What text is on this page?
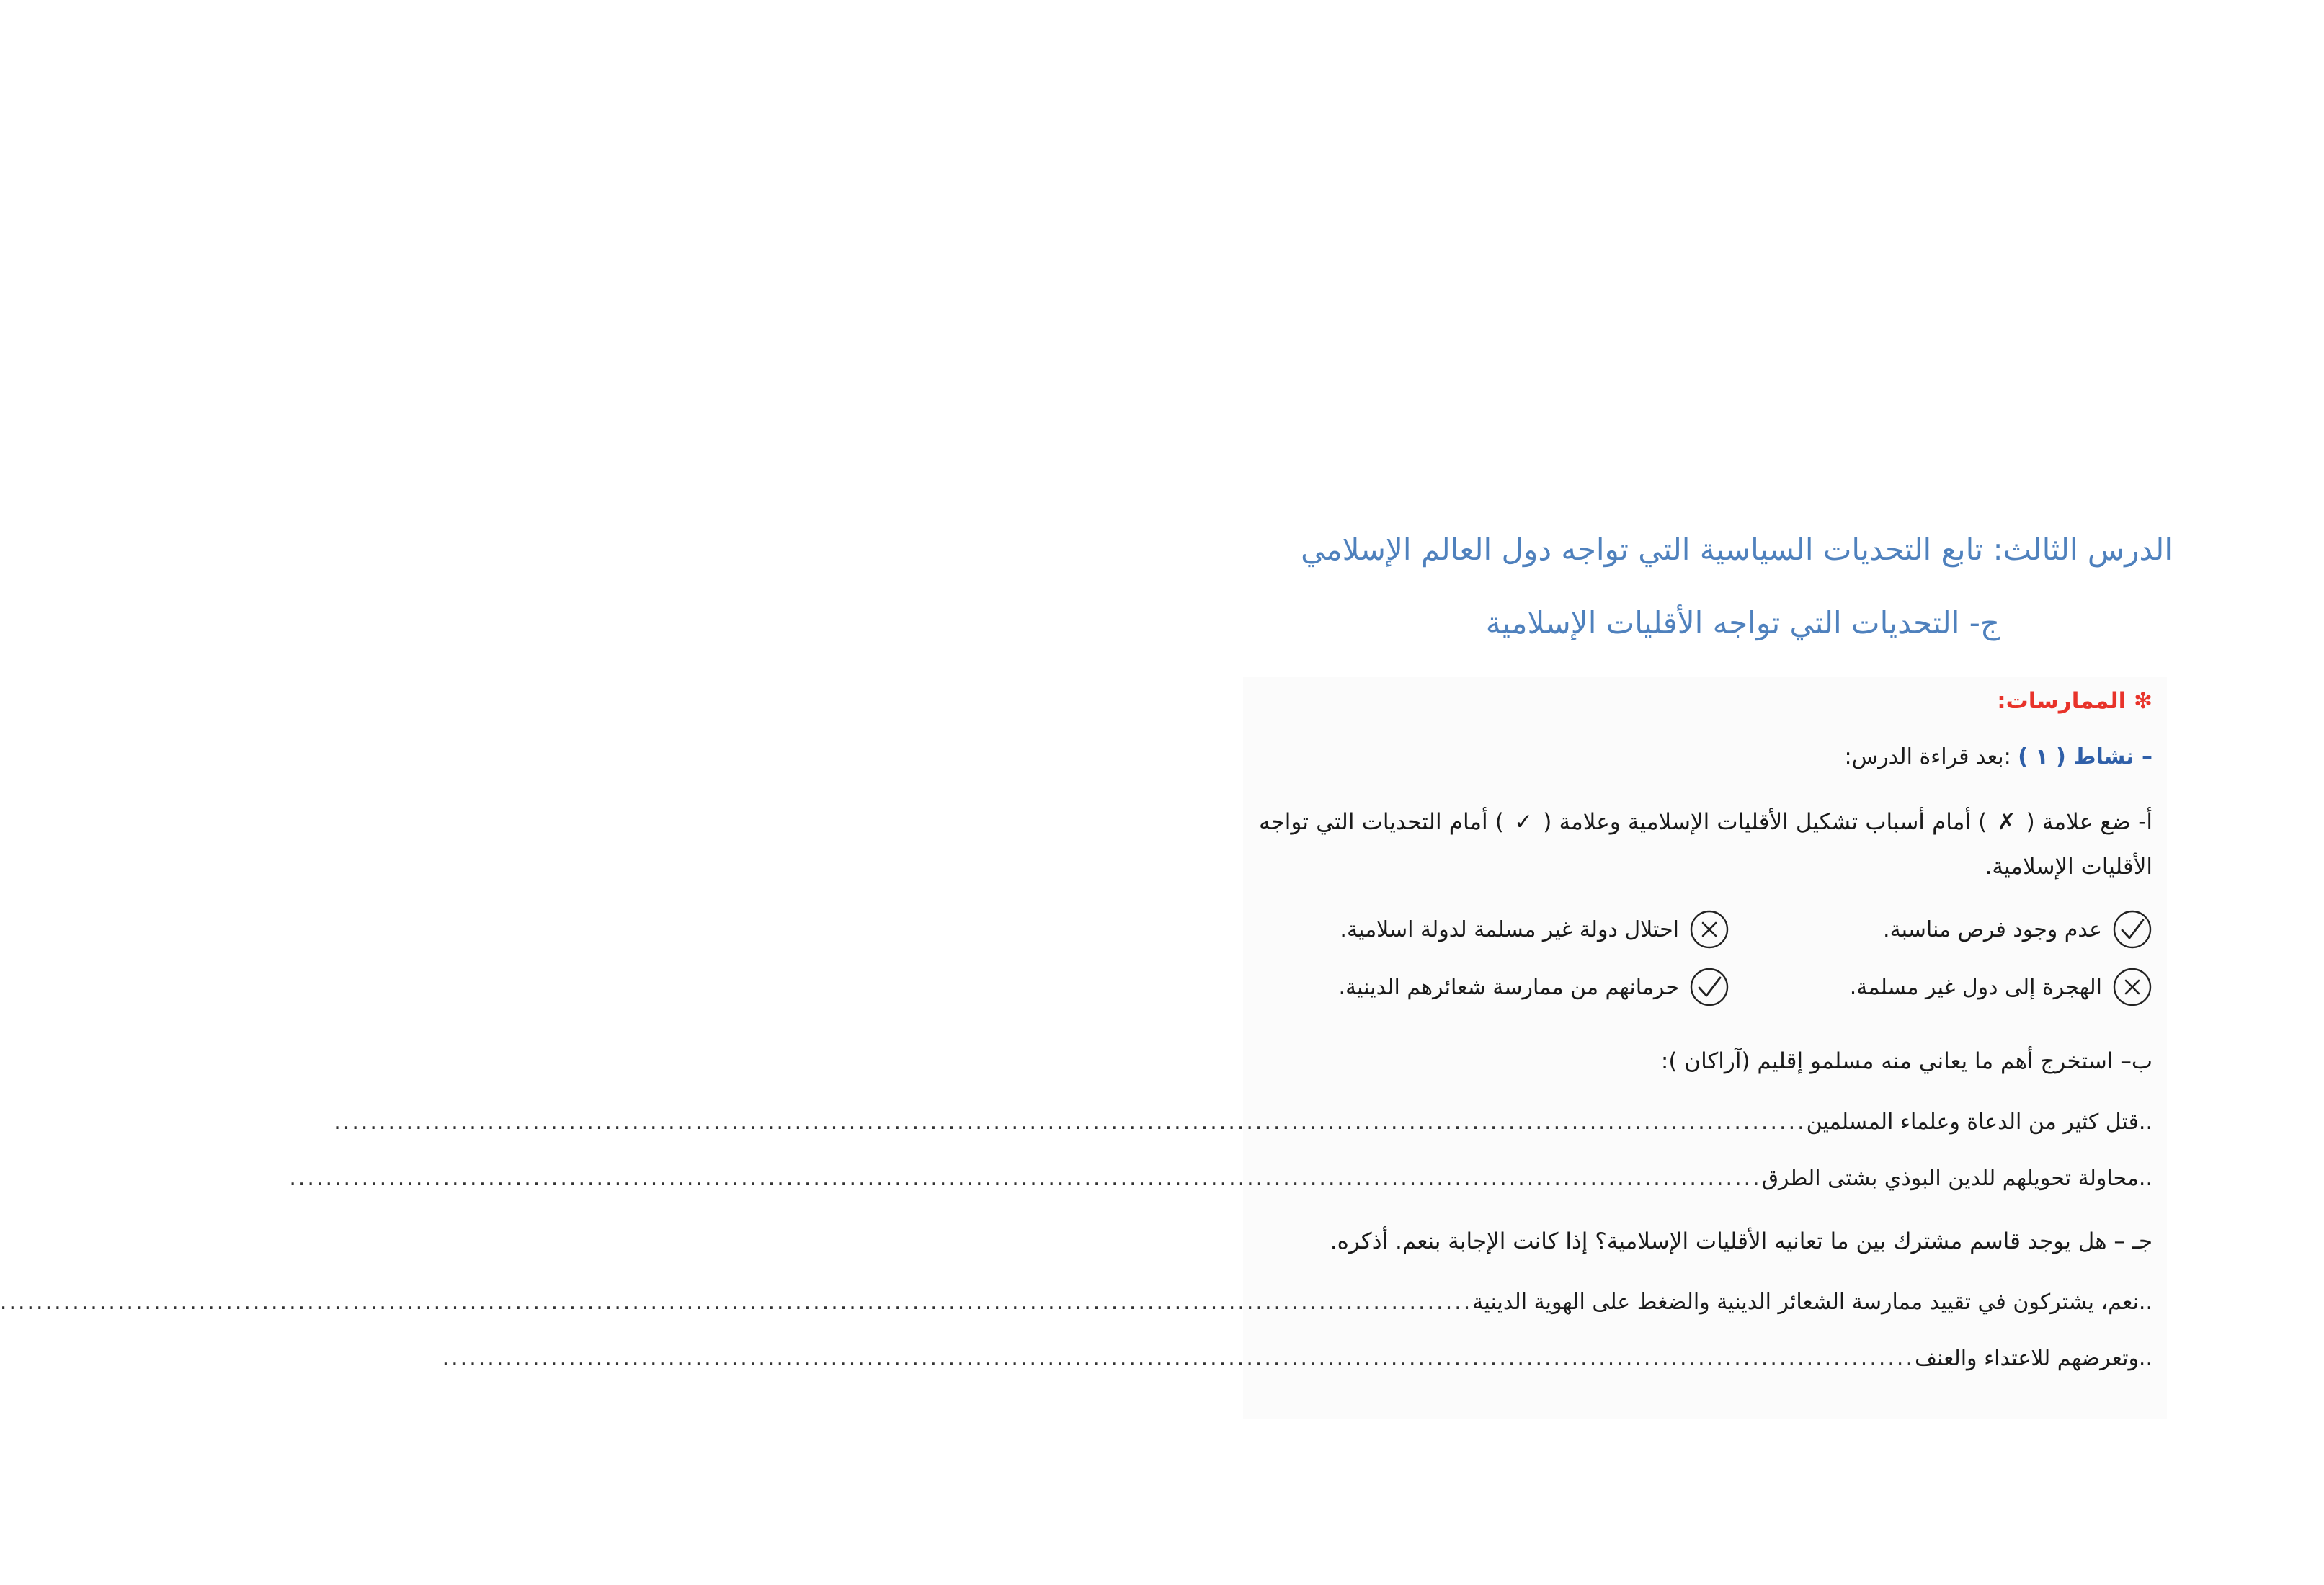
الدرس الثالث: تابع التحديات السياسية التي تواجه دول العالم الإسلامي
ج- التحديات التي تواجه الأقليات الإسلامية
❇ الممارسات:
– نشاط ( ١ ) :بعد قراءة الدرس:
أ- ضع علامة ( ✗ ) أمام أسباب تشكيل الأقليات الإسلامية وعلامة ( ✓ ) أمام التحديات التي تواجه الأقليات الإسلامية.
عدم وجود فرص مناسبة.
احتلال دولة غير مسلمة لدولة اسلامية.
الهجرة إلى دول غير مسلمة.
حرمانهم من ممارسة شعائرهم الدينية.
ب– استخرج أهم ما يعاني منه مسلمو إقليم (آراكان ):
..قتل كثير من الدعاة وعلماء المسلمين
...................................................................................................................................................................
..محاولة تحويلهم للدين البوذي بشتى الطرق
...................................................................................................................................................................
جـ – هل يوجد قاسم مشترك بين ما تعانيه الأقليات الإسلامية؟ إذا كانت الإجابة بنعم. أذكره.
..نعم، يشتركون في تقييد ممارسة الشعائر الدينية والضغط على الهوية الدينية
...................................................................................................................................................................
..وتعرضهم للاعتداء والعنف
...................................................................................................................................................................
